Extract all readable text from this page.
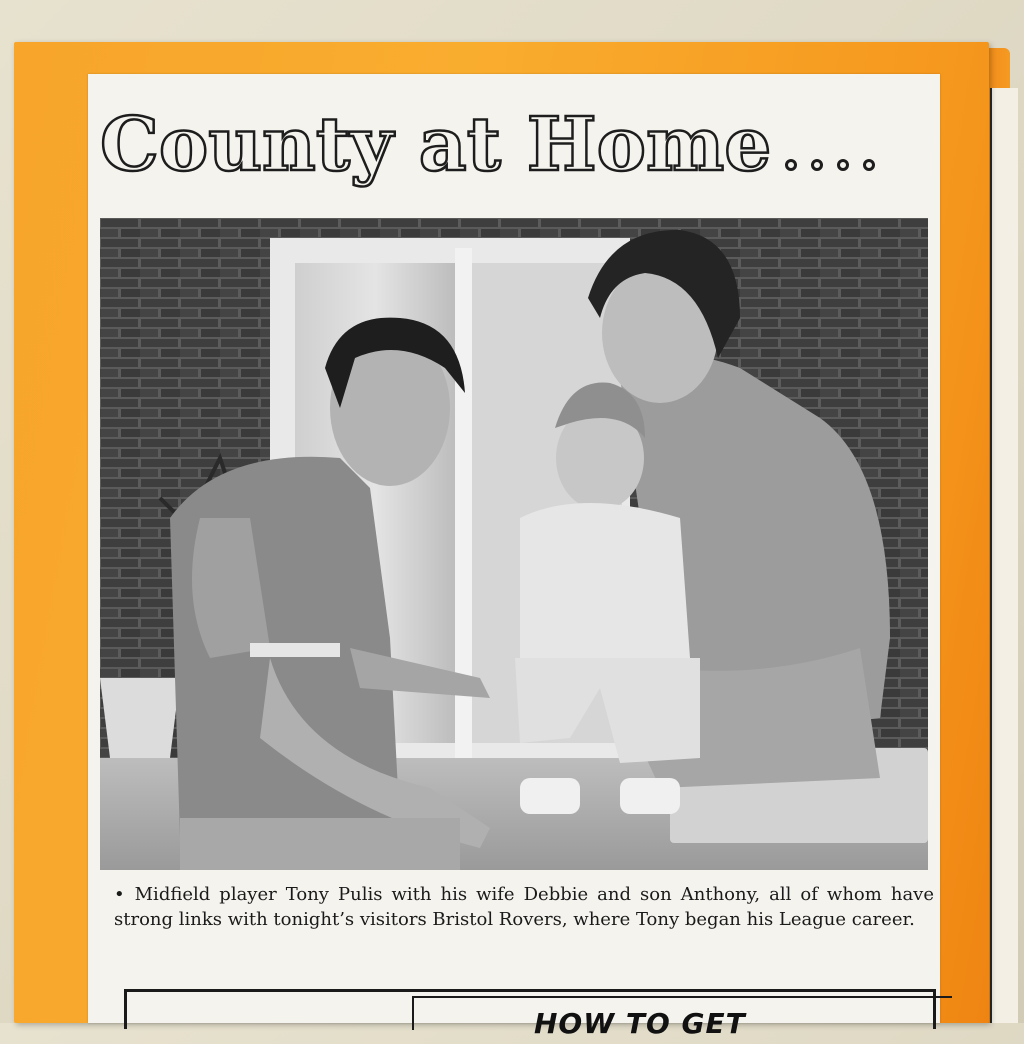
County at Home
• Midfield player Tony Pulis with his wife Debbie and son Anthony, all of whom have strong links with tonight’s visitors Bristol Rovers, where Tony began his League career.
HOW TO GET
